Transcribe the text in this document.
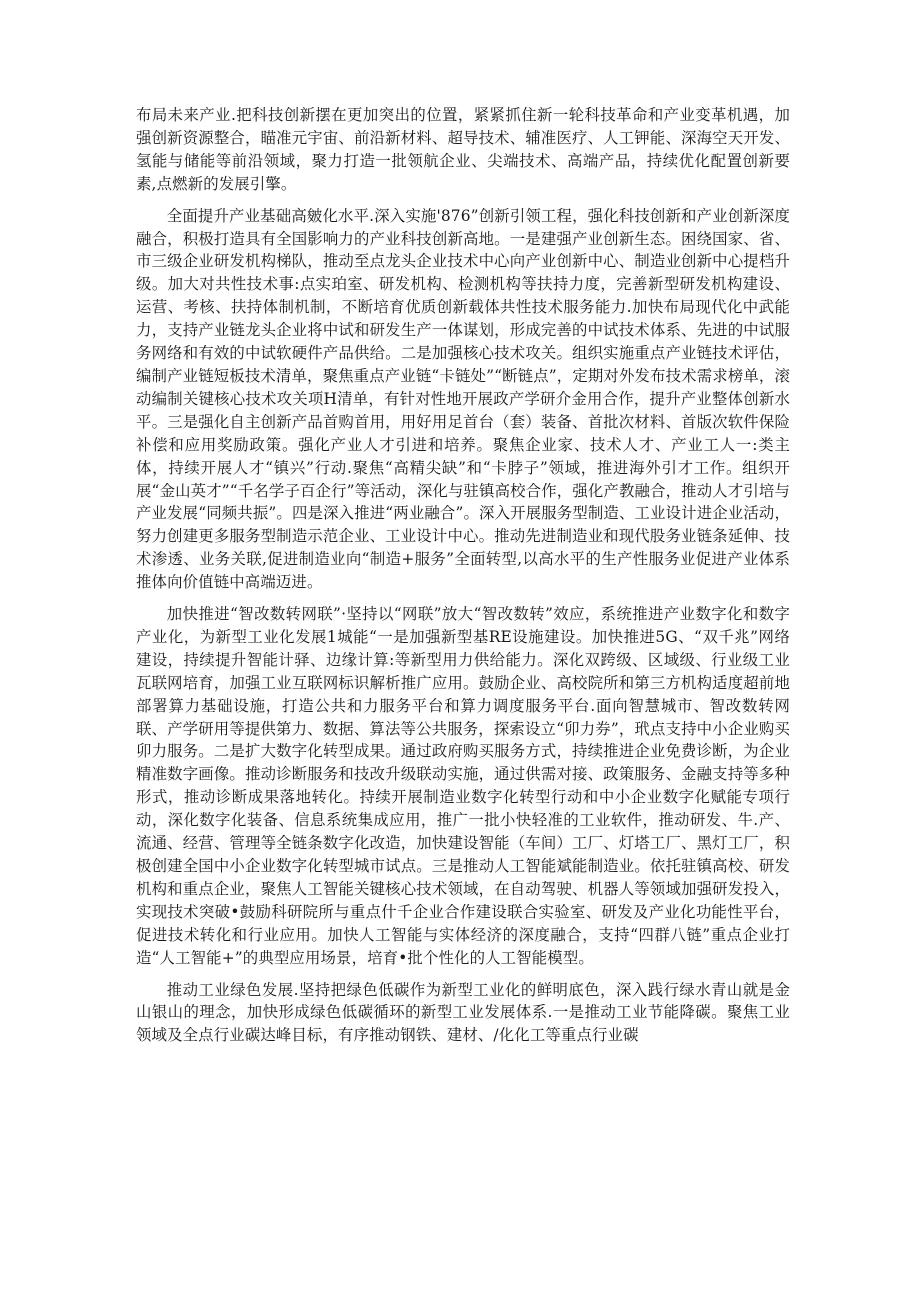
布局未来产业.把科技创新摆在更加突出的位置，紧紧抓住新一轮科技革命和产业变革机遇，加强创新资源整合，瞄准元宇宙、前沿新材料、超导技术、辅准医疗、人工钾能、深海空天开发、氢能与储能等前沿领域，聚力打造一批领航企业、尖端技术、高端产品，持续优化配置创新要素,点燃新的发展引擎。

全面提升产业基础高皴化水平.深入实施'876”创新引领工程，强化科技创新和产业创新深度融合，积极打造具有全国影响力的产业科技创新高地。一是建强产业创新生态。困绕国家、省、市三级企业研发机构梯队，推动至点龙头企业技术中心向产业创新中心、制造业创新中心提档升级。加大对共性技术事:点实珀室、研发机构、检测机构等扶持力度，完善新型研发机构建设、运营、考核、扶持体制机制，不断培育优质创新载体共性技术服务能力.加快布局现代化中武能力，支持产业链龙头企业将中试和研发生产一体谋划，形成完善的中试技术体系、先进的中试服务网络和有效的中试软硬件产品供给。二是加强核心技术攻关。组织实施重点产业链技术评估，编制产业链短板技术清单，聚焦重点产业链“卡链处”“断链点”，定期对外发布技术需求榜单，滚动编制关键核心技术攻关项H清单，有针对性地开展政产学研介金用合作，提升产业整体创新水平。三是强化自主创新产品首购首用，用好用足首台（套）装备、首批次材料、首版次软件保险补偿和应用奖励政策。强化产业人才引进和培养。聚焦企业家、技术人才、产业工人一:类主体，持续开展人才“镇兴”行动.聚焦“高精尖缺”和“卡脖子”领域，推进海外引才工作。组织开展“金山英才”“千名学子百企行”等活动，深化与驻镇高校合作，强化产教融合，推动人才引培与产业发展“同频共振”。四是深入推进“两业融合”。深入开展服务型制造、工业设计进企业活动，努力创建更多服务型制造示范企业、工业设计中心。推动先进制造业和现代股务业链条延伸、技术渗透、业务关联,促进制造业向“制造+服务”全面转型,以高水平的生产性服务业促进产业体系推体向价值链中高端迈进。

加快推进“智改数转网联”·坚持以“网联”放大“智改数转”效应，系统推进产业数字化和数字产业化，为新型工业化发展1城能“一是加强新型基RE设施建设。加快推进5G、“双千兆”网络建设，持续提升智能计驿、边缘计算:等新型用力供给能力。深化双跨级、区域级、行业级工业瓦联网培育，加强工业互联网标识解析推广应用。鼓励企业、高校院所和第三方机构适度超前地部署算力基础设施，打造公共和力服务平台和算力调度服务平台.面向智慧城市、智改数转网联、产学研用等提供第力、数据、算法等公共服务，探索设立“卯力券”，玳点支持中小企业购买卯力服务。二是扩大数字化转型成果。通过政府购买服务方式，持续推进企业免费诊断，为企业精准数字画像。推动诊断服务和技改升级联动实施，通过供需对接、政策服务、金融支持等多种形式，推动诊断成果落地转化。持续开展制造业数字化转型行动和中小企业数字化赋能专项行动，深化数字化装备、信息系统集成应用，推广一批小快轻准的工业软件，推动研发、牛.产、流通、经营、管理等全链条数字化改造，加快建设智能（车间）工厂、灯塔工厂、黑灯工厂，积极创建全国中小企业数字化转型城市试点。三是推动人工智能斌能制造业。依托驻镇高校、研发机构和重点企业，聚焦人工智能关键核心技术领域，在自动驾驶、机器人等领域加强研发投入，实现技术突破•鼓励科研院所与重点什千企业合作建设联合实验室、研发及产业化功能性平台，促进技术转化和行业应用。加快人工智能与实体经济的深度融合，支持“四群八链”重点企业打造“人工智能+”的典型应用场景，培育•批个性化的人工智能模型。

推动工业绿色发展.坚持把绿色低碳作为新型工业化的鲜明底色，深入践行绿水青山就是金山银山的理念，加快形成绿色低碳循环的新型工业发展体系.一是推动工业节能降碳。聚焦工业领域及全点行业碳达峰目标，有序推动钢铁、建材、/化化工等重点行业碳
